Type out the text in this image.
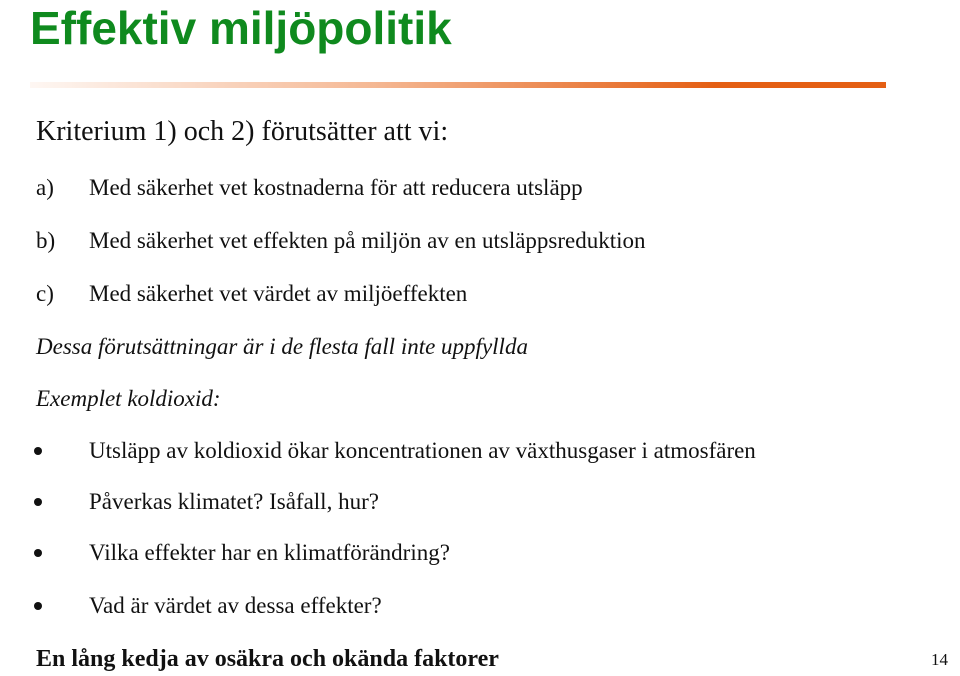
Effektiv miljöpolitik
Kriterium 1) och 2) förutsätter att vi:
a) Med säkerhet vet kostnaderna för att reducera utsläpp
b) Med säkerhet vet effekten på miljön av en utsläppsreduktion
c) Med säkerhet vet värdet av miljöeffekten
Dessa förutsättningar är i de flesta fall inte uppfyllda
Exemplet koldioxid:
Utsläpp av koldioxid ökar koncentrationen av växthusgaser i atmosfären
Påverkas klimatet? Isåfall, hur?
Vilka effekter har en klimatförändring?
Vad är värdet av dessa effekter?
En lång kedja av osäkra och okända faktorer	14
